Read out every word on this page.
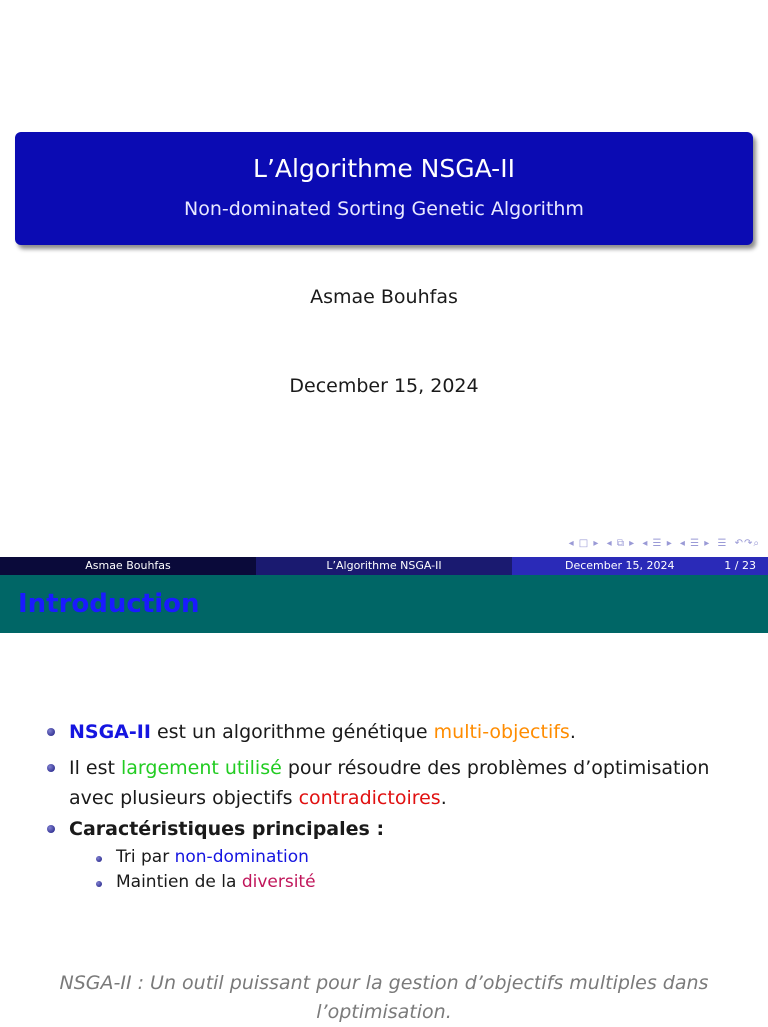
L’Algorithme NSGA-II
Non-dominated Sorting Genetic Algorithm
Asmae Bouhfas
December 15, 2024
◂ □ ▸ ◂ ⧉ ▸ ◂ ☰ ▸ ◂ ☰ ▸ ☰ ↶↷⌕
Asmae Bouhfas	L’Algorithme NSGA-II	December 15, 2024	1 / 23
Introduction
NSGA-II est un algorithme génétique multi-objectifs.
Il est largement utilisé pour résoudre des problèmes d’optimisation
avec plusieurs objectifs contradictoires.
Caractéristiques principales :
Tri par non-domination
Maintien de la diversité
NSGA-II : Un outil puissant pour la gestion d’objectifs multiples dans
l’optimisation.
